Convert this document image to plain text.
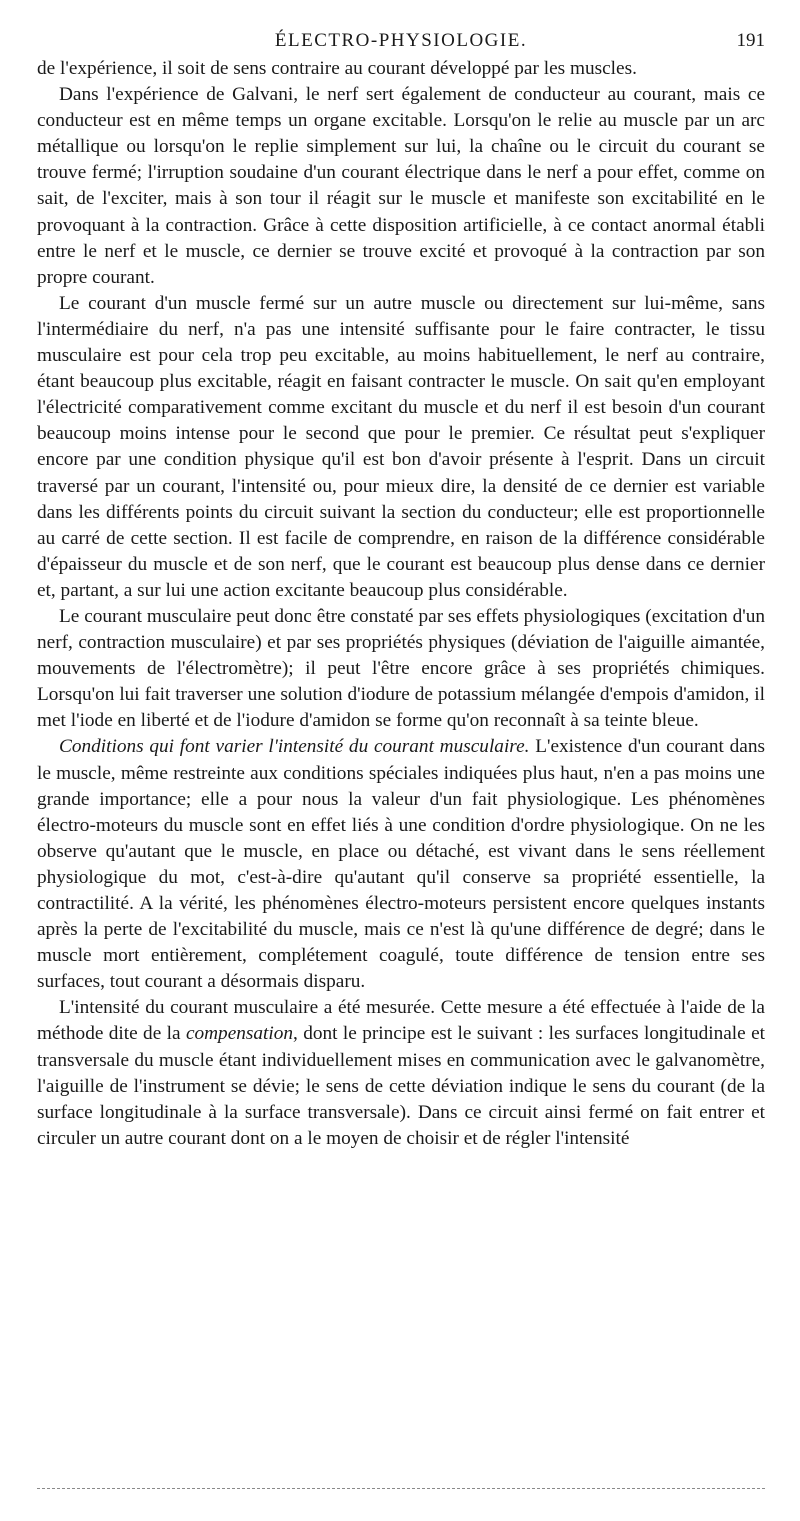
ÉLECTRO-PHYSIOLOGIE.	191

de l'expérience, il soit de sens contraire au courant développé par les muscles.

Dans l'expérience de Galvani, le nerf sert également de conducteur au courant, mais ce conducteur est en même temps un organe excitable. Lorsqu'on le relie au muscle par un arc métallique ou lorsqu'on le replie simplement sur lui, la chaîne ou le circuit du courant se trouve fermé; l'irruption soudaine d'un courant électrique dans le nerf a pour effet, comme on sait, de l'exciter, mais à son tour il réagit sur le muscle et manifeste son excitabilité en le provoquant à la contraction. Grâce à cette disposition artificielle, à ce contact anormal établi entre le nerf et le muscle, ce dernier se trouve excité et provoqué à la contraction par son propre courant.

Le courant d'un muscle fermé sur un autre muscle ou directement sur lui-même, sans l'intermédiaire du nerf, n'a pas une intensité suffisante pour le faire contracter, le tissu musculaire est pour cela trop peu excitable, au moins habituellement, le nerf au contraire, étant beaucoup plus excitable, réagit en faisant contracter le muscle. On sait qu'en employant l'électricité comparativement comme excitant du muscle et du nerf il est besoin d'un courant beaucoup moins intense pour le second que pour le premier. Ce résultat peut s'expliquer encore par une condition physique qu'il est bon d'avoir présente à l'esprit. Dans un circuit traversé par un courant, l'intensité ou, pour mieux dire, la densité de ce dernier est variable dans les différents points du circuit suivant la section du conducteur; elle est proportionnelle au carré de cette section. Il est facile de comprendre, en raison de la différence considérable d'épaisseur du muscle et de son nerf, que le courant est beaucoup plus dense dans ce dernier et, partant, a sur lui une action excitante beaucoup plus considérable.

Le courant musculaire peut donc être constaté par ses effets physiologiques (excitation d'un nerf, contraction musculaire) et par ses propriétés physiques (déviation de l'aiguille aimantée, mouvements de l'électromètre); il peut l'être encore grâce à ses propriétés chimiques. Lorsqu'on lui fait traverser une solution d'iodure de potassium mélangée d'empois d'amidon, il met l'iode en liberté et de l'iodure d'amidon se forme qu'on reconnaît à sa teinte bleue.

Conditions qui font varier l'intensité du courant musculaire. L'existence d'un courant dans le muscle, même restreinte aux conditions spéciales indiquées plus haut, n'en a pas moins une grande importance; elle a pour nous la valeur d'un fait physiologique. Les phénomènes électro-moteurs du muscle sont en effet liés à une condition d'ordre physiologique. On ne les observe qu'autant que le muscle, en place ou détaché, est vivant dans le sens réellement physiologique du mot, c'est-à-dire qu'autant qu'il conserve sa propriété essentielle, la contractilité. A la vérité, les phénomènes électro-moteurs persistent encore quelques instants après la perte de l'excitabilité du muscle, mais ce n'est là qu'une différence de degré; dans le muscle mort entièrement, complétement coagulé, toute différence de tension entre ses surfaces, tout courant a désormais disparu.

L'intensité du courant musculaire a été mesurée. Cette mesure a été effectuée à l'aide de la méthode dite de la compensation, dont le principe est le suivant : les surfaces longitudinale et transversale du muscle étant individuellement mises en communication avec le galvanomètre, l'aiguille de l'instrument se dévie; le sens de cette déviation indique le sens du courant (de la surface longitudinale à la surface transversale). Dans ce circuit ainsi fermé on fait entrer et circuler un autre courant dont on a le moyen de choisir et de régler l'intensité
